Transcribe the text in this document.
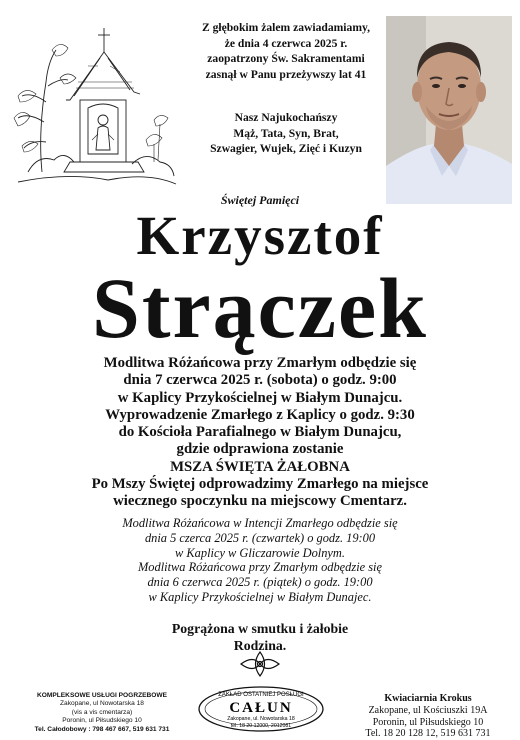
Z głębokim żalem zawiadamiamy,
że dnia 4 czerwca 2025 r.
zaopatrzony Św. Sakramentami
zasnął w Panu przeżywszy lat 41
Nasz Najukochańszy
Mąż, Tata, Syn, Brat,
Szwagier, Wujek, Zięć i Kuzyn
Świętej Pamięci
Krzysztof
Strączek
Modlitwa Różańcowa przy Zmarłym odbędzie się
dnia 7 czerwca 2025 r. (sobota) o godz. 9:00
w Kaplicy Przykościelnej w Białym Dunajcu.
Wyprowadzenie Zmarłego z Kaplicy o godz. 9:30
do Kościoła Parafialnego w Białym Dunajcu,
gdzie odprawiona zostanie
MSZA ŚWIĘTA ŻAŁOBNA
Po Mszy Świętej odprowadzimy Zmarłego na miejsce
wiecznego spoczynku na miejscowy Cmentarz.
Modlitwa Różańcowa w Intencji Zmarłego odbędzie się
dnia 5 czerca 2025 r. (czwartek) o godz. 19:00
w Kaplicy w Gliczarowie Dolnym.
Modlitwa Różańcowa przy Zmarłym odbędzie się
dnia 6 czerwca 2025 r. (piątek) o godz. 19:00
w Kaplicy Przykościelnej w Białym Dunajec.
Pogrążona w smutku i żałobie
Rodzina.
KOMPLEKSOWE USŁUGI POGRZEBOWE
Zakopane, ul Nowotarska 18
(vis a vis cmentarza)
Poronin, ul Piłsudskiego 10
Tel. Całodobowy : 798 467 667, 519 631 731
ZAKŁAD OSTATNIEJ POSŁUGI
CAŁUN
Zakopane, ul. Nowotarska 18
tel. 18 20 12000, 2012081
Kwiaciarnia Krokus
Zakopane, ul Kościuszki 19A
Poronin, ul Piłsudskiego 10
Tel. 18 20 128 12, 519 631 731
